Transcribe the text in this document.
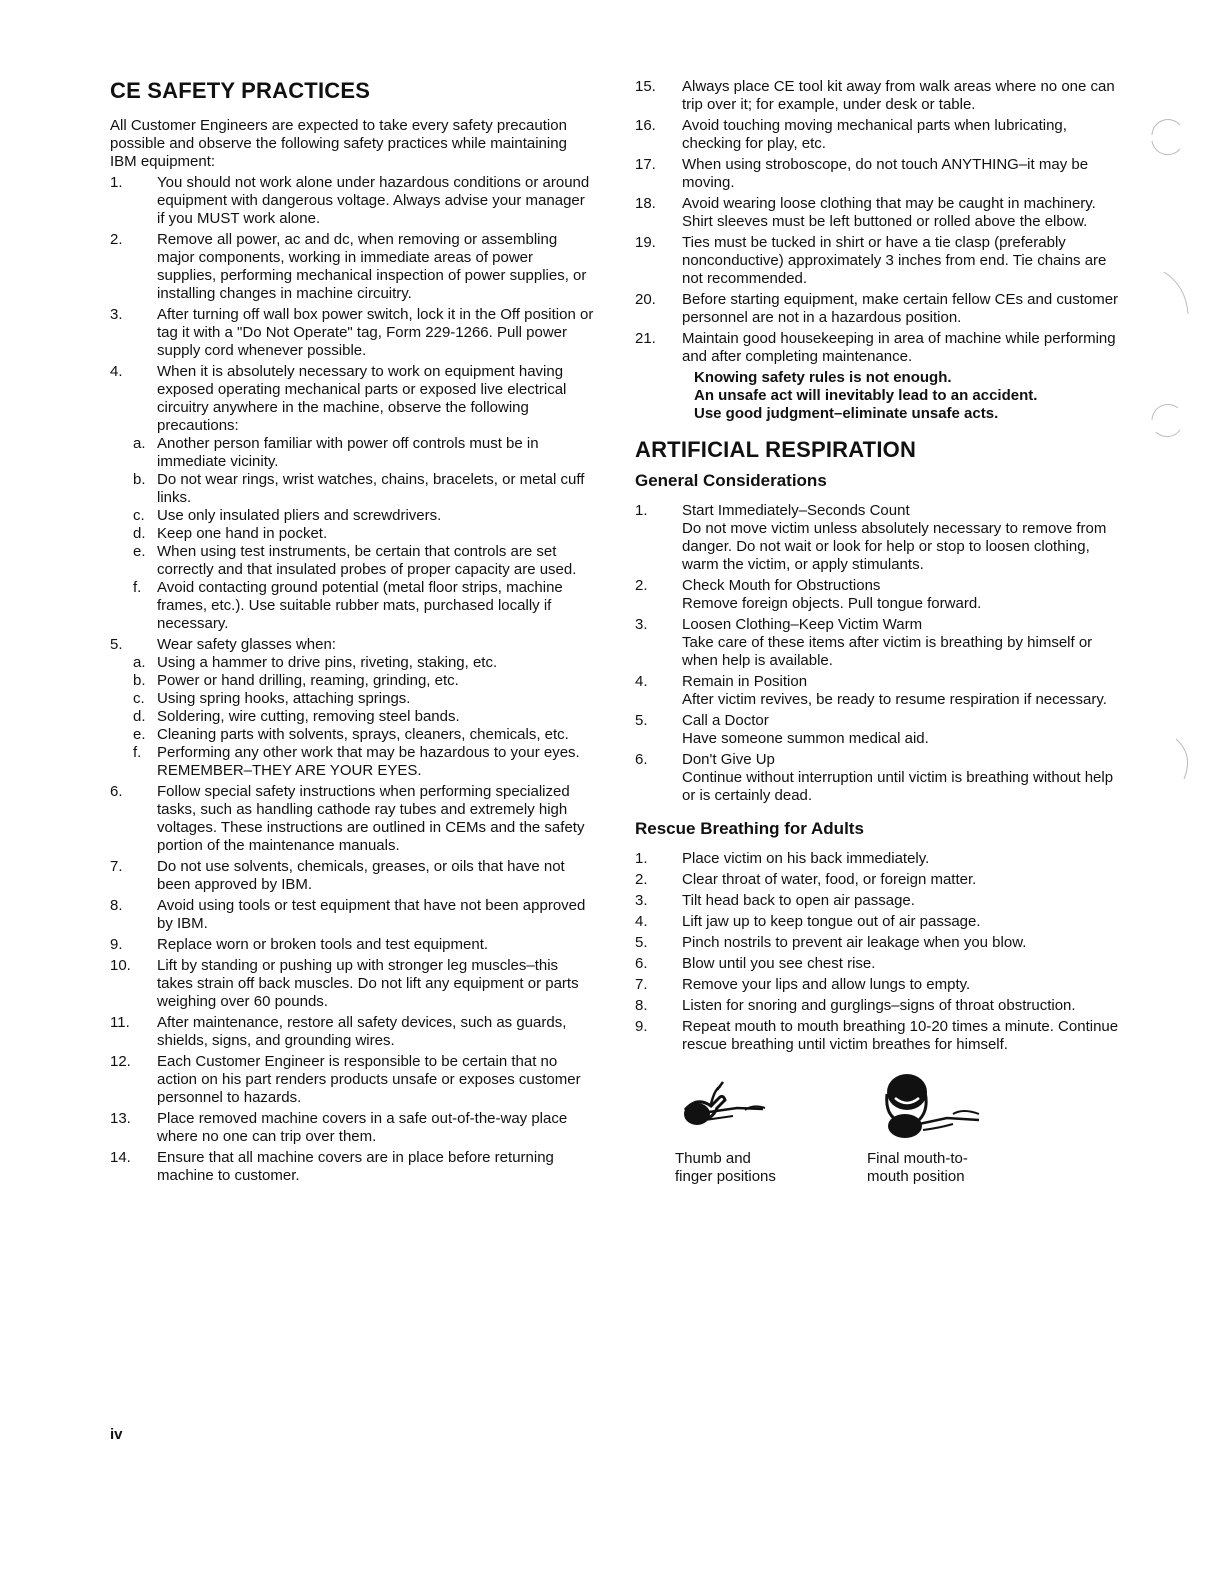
CE SAFETY PRACTICES

All Customer Engineers are expected to take every safety precaution possible and observe the following safety practices while maintaining IBM equipment:

1. You should not work alone under hazardous conditions or around equipment with dangerous voltage. Always advise your manager if you MUST work alone.
2. Remove all power, ac and dc, when removing or assembling major components, working in immediate areas of power supplies, performing mechanical inspection of power supplies, or installing changes in machine circuitry.
3. After turning off wall box power switch, lock it in the Off position or tag it with a "Do Not Operate" tag, Form 229-1266. Pull power supply cord whenever possible.
4. When it is absolutely necessary to work on equipment having exposed operating mechanical parts or exposed live electrical circuitry anywhere in the machine, observe the following precautions:
a. Another person familiar with power off controls must be in immediate vicinity.
b. Do not wear rings, wrist watches, chains, bracelets, or metal cuff links.
c. Use only insulated pliers and screwdrivers.
d. Keep one hand in pocket.
e. When using test instruments, be certain that controls are set correctly and that insulated probes of proper capacity are used.
f. Avoid contacting ground potential (metal floor strips, machine frames, etc.). Use suitable rubber mats, purchased locally if necessary.
5. Wear safety glasses when:
a. Using a hammer to drive pins, riveting, staking, etc.
b. Power or hand drilling, reaming, grinding, etc.
c. Using spring hooks, attaching springs.
d. Soldering, wire cutting, removing steel bands.
e. Cleaning parts with solvents, sprays, cleaners, chemicals, etc.
f. Performing any other work that may be hazardous to your eyes. REMEMBER–THEY ARE YOUR EYES.
6. Follow special safety instructions when performing specialized tasks, such as handling cathode ray tubes and extremely high voltages. These instructions are outlined in CEMs and the safety portion of the maintenance manuals.
7. Do not use solvents, chemicals, greases, or oils that have not been approved by IBM.
8. Avoid using tools or test equipment that have not been approved by IBM.
9. Replace worn or broken tools and test equipment.
10. Lift by standing or pushing up with stronger leg muscles–this takes strain off back muscles. Do not lift any equipment or parts weighing over 60 pounds.
11. After maintenance, restore all safety devices, such as guards, shields, signs, and grounding wires.
12. Each Customer Engineer is responsible to be certain that no action on his part renders products unsafe or exposes customer personnel to hazards.
13. Place removed machine covers in a safe out-of-the-way place where no one can trip over them.
14. Ensure that all machine covers are in place before returning machine to customer.
15. Always place CE tool kit away from walk areas where no one can trip over it; for example, under desk or table.
16. Avoid touching moving mechanical parts when lubricating, checking for play, etc.
17. When using stroboscope, do not touch ANYTHING–it may be moving.
18. Avoid wearing loose clothing that may be caught in machinery. Shirt sleeves must be left buttoned or rolled above the elbow.
19. Ties must be tucked in shirt or have a tie clasp (preferably nonconductive) approximately 3 inches from end. Tie chains are not recommended.
20. Before starting equipment, make certain fellow CEs and customer personnel are not in a hazardous position.
21. Maintain good housekeeping in area of machine while performing and after completing maintenance.
Knowing safety rules is not enough.
An unsafe act will inevitably lead to an accident.
Use good judgment–eliminate unsafe acts.
ARTIFICIAL RESPIRATION
General Considerations
1. Start Immediately–Seconds Count
Do not move victim unless absolutely necessary to remove from danger. Do not wait or look for help or stop to loosen clothing, warm the victim, or apply stimulants.
2. Check Mouth for Obstructions
Remove foreign objects. Pull tongue forward.
3. Loosen Clothing–Keep Victim Warm
Take care of these items after victim is breathing by himself or when help is available.
4. Remain in Position
After victim revives, be ready to resume respiration if necessary.
5. Call a Doctor
Have someone summon medical aid.
6. Don't Give Up
Continue without interruption until victim is breathing without help or is certainly dead.
Rescue Breathing for Adults
1. Place victim on his back immediately.
2. Clear throat of water, food, or foreign matter.
3. Tilt head back to open air passage.
4. Lift jaw up to keep tongue out of air passage.
5. Pinch nostrils to prevent air leakage when you blow.
6. Blow until you see chest rise.
7. Remove your lips and allow lungs to empty.
8. Listen for snoring and gurglings–signs of throat obstruction.
9. Repeat mouth to mouth breathing 10-20 times a minute. Continue rescue breathing until victim breathes for himself.
Thumb and
finger positions
Final mouth-to-
mouth position
iv
